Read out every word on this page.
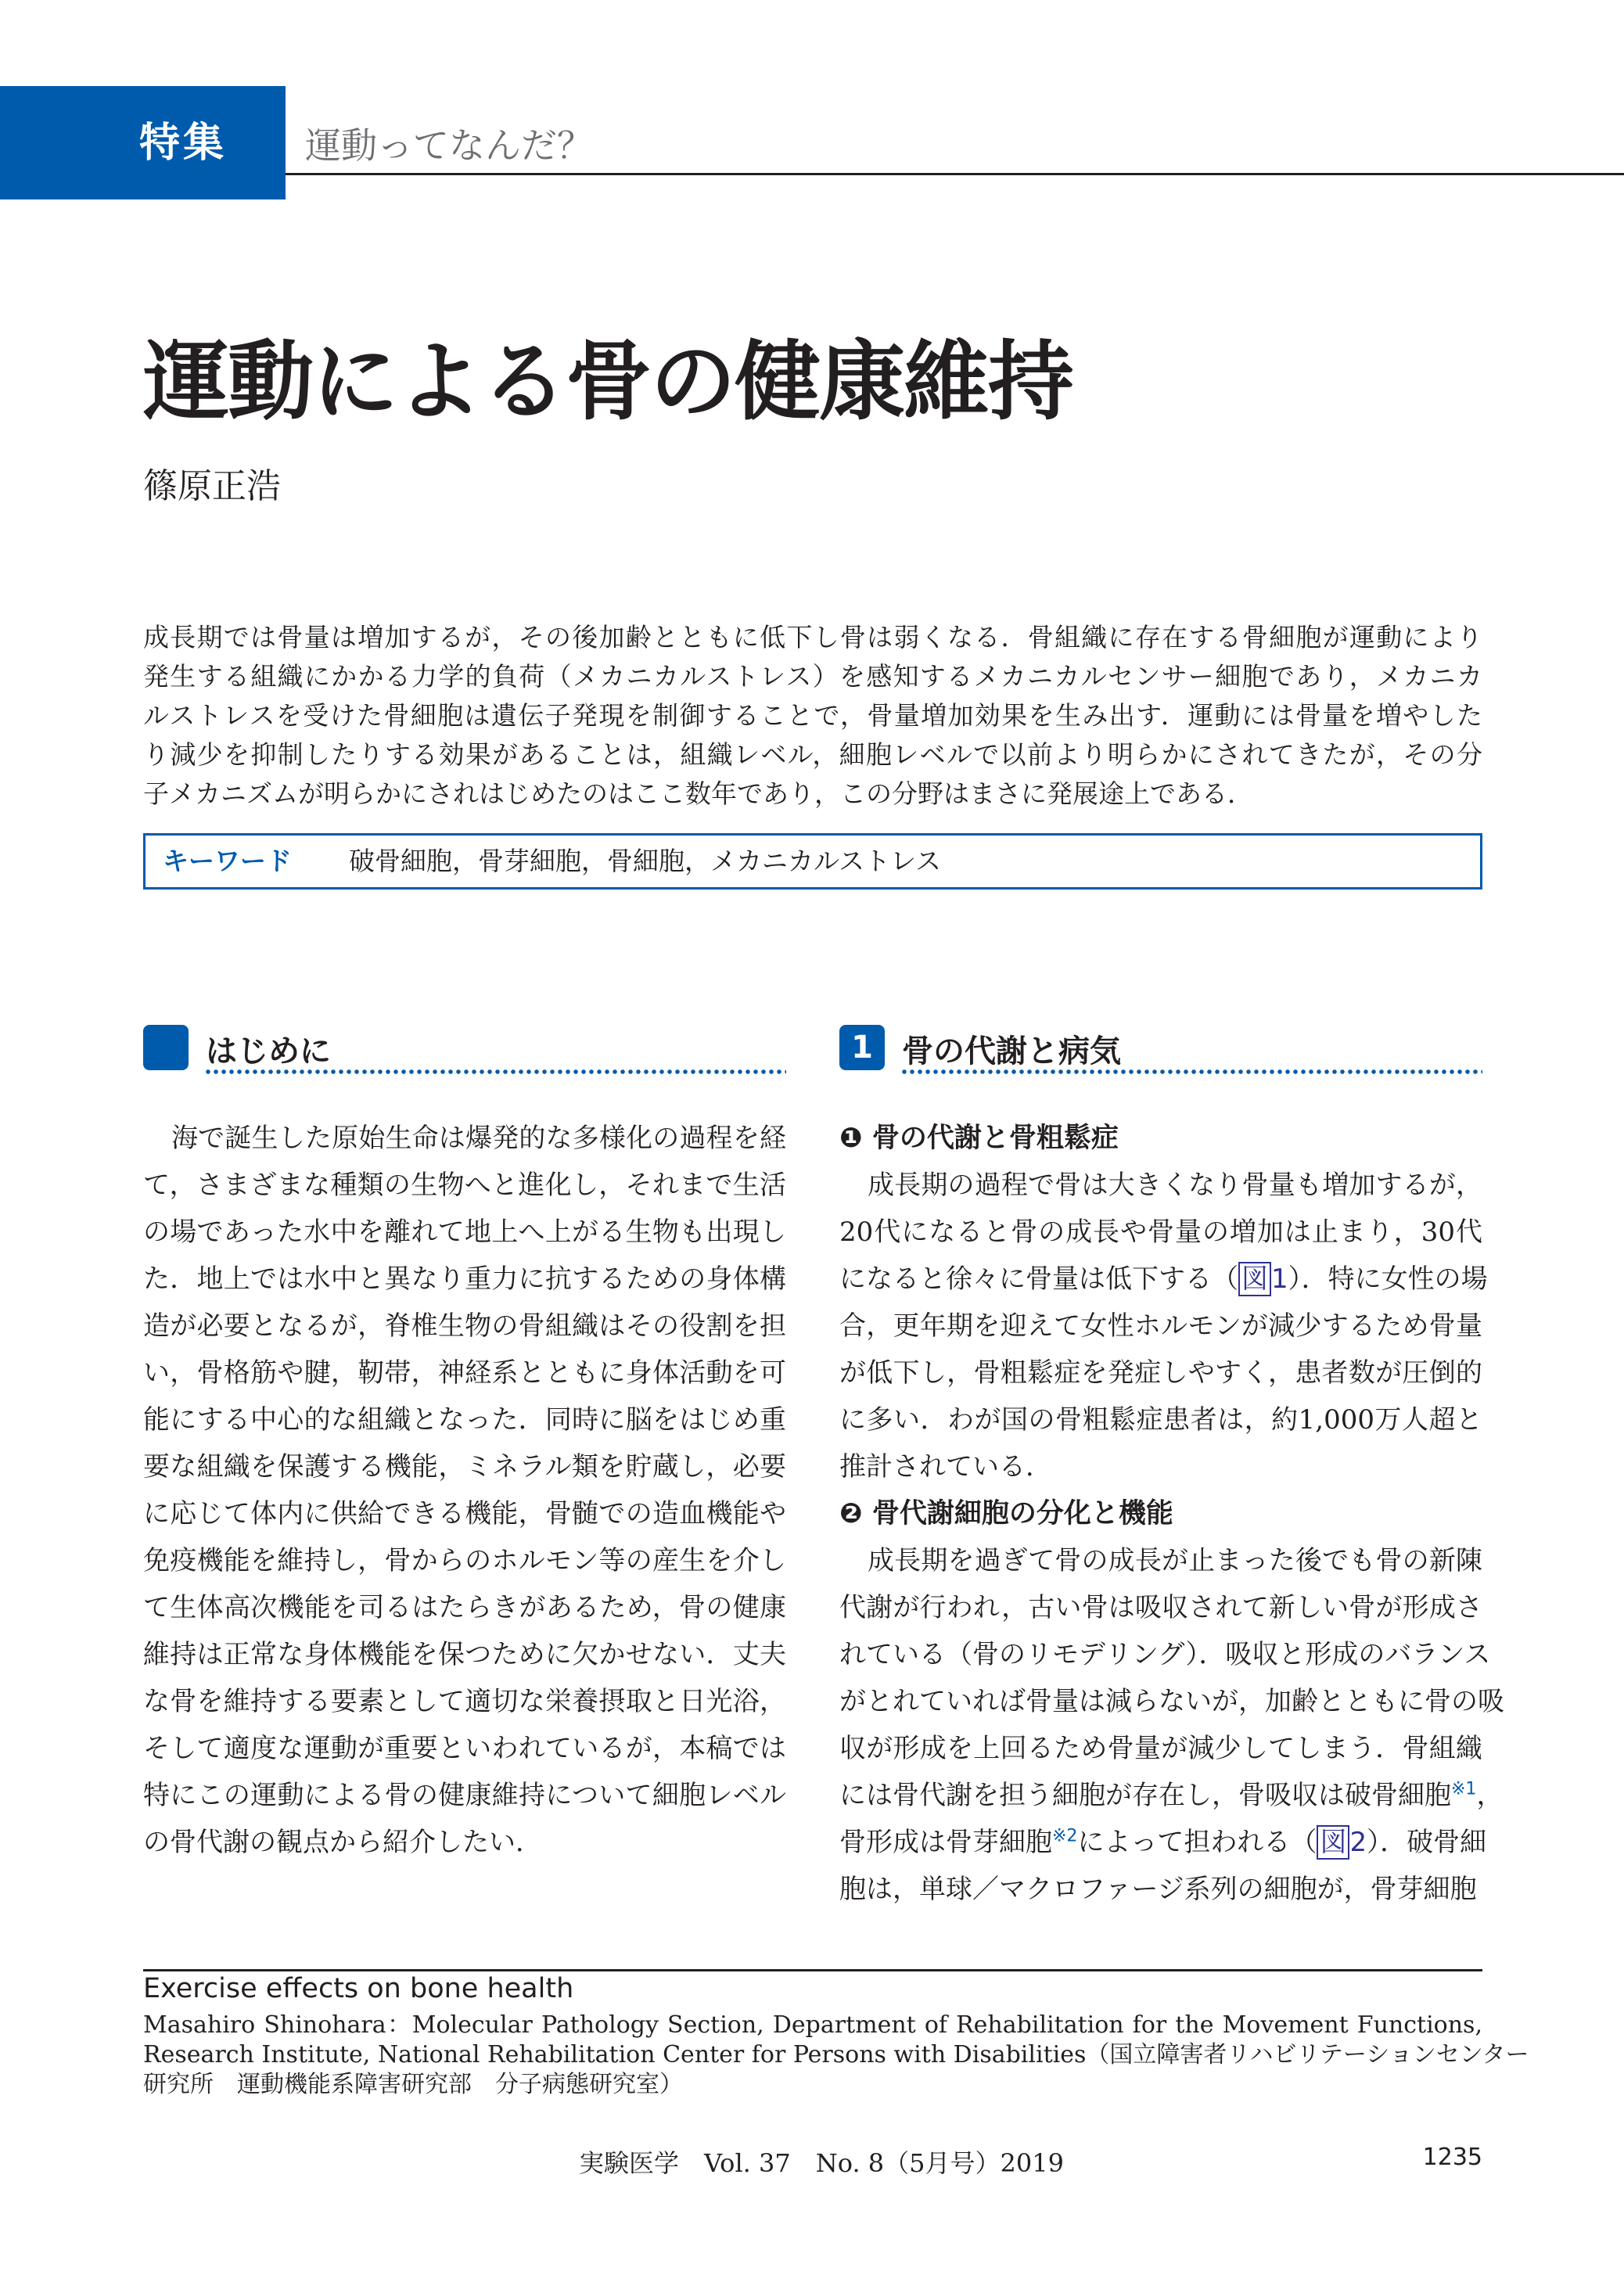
特集 運動ってなんだ？
運動による骨の健康維持
篠原正浩
成長期では骨量は増加するが，その後加齢とともに低下し骨は弱くなる．骨組織に存在する骨細胞が運動により
発生する組織にかかる力学的負荷（メカニカルストレス）を感知するメカニカルセンサー細胞であり，メカニカ
ルストレスを受けた骨細胞は遺伝子発現を制御することで，骨量増加効果を生み出す．運動には骨量を増やした
り減少を抑制したりする効果があることは，組織レベル，細胞レベルで以前より明らかにされてきたが，その分
子メカニズムが明らかにされはじめたのはここ数年であり，この分野はまさに発展途上である．
キーワード 破骨細胞，骨芽細胞，骨細胞，メカニカルストレス
はじめに	1 骨の代謝と病気
海で誕生した原始生命は爆発的な多様化の過程を経
て，さまざまな種類の生物へと進化し，それまで生活
の場であった水中を離れて地上へ上がる生物も出現し
た．地上では水中と異なり重力に抗するための身体構
造が必要となるが，脊椎生物の骨組織はその役割を担
い，骨格筋や腱，靭帯，神経系とともに身体活動を可
能にする中心的な組織となった．同時に脳をはじめ重
要な組織を保護する機能，ミネラル類を貯蔵し，必要
に応じて体内に供給できる機能，骨髄での造血機能や
免疫機能を維持し，骨からのホルモン等の産生を介し
て生体高次機能を司るはたらきがあるため，骨の健康
維持は正常な身体機能を保つために欠かせない．丈夫
な骨を維持する要素として適切な栄養摂取と日光浴，
そして適度な運動が重要といわれているが，本稿では
特にこの運動による骨の健康維持について細胞レベル
の骨代謝の観点から紹介したい．
❶ 骨の代謝と骨粗鬆症
成長期の過程で骨は大きくなり骨量も増加するが，
20代になると骨の成長や骨量の増加は止まり，30代
になると徐々に骨量は低下する（ 図 1）．特に女性の場
合，更年期を迎えて女性ホルモンが減少するため骨量
が低下し，骨粗鬆症を発症しやすく，患者数が圧倒的
に多い．わが国の骨粗鬆症患者は，約1,000万人超と
推計されている．
❷ 骨代謝細胞の分化と機能
成長期を過ぎて骨の成長が止まった後でも骨の新陳
代謝が行われ，古い骨は吸収されて新しい骨が形成さ
れている（骨のリモデリング）．吸収と形成のバランス
がとれていれば骨量は減らないが，加齢とともに骨の吸
収が形成を上回るため骨量が減少してしまう．骨組織
には骨代謝を担う細胞が存在し，骨吸収は破骨細胞$^{※1}$，
骨形成は骨芽細胞$^{※2}$によって担われる（ 図 2）．破骨細
胞は，単球／マクロファージ系列の細胞が，骨芽細胞
Exercise effects on bone health
Masahiro Shinohara：Molecular Pathology Section, Department of Rehabilitation for the Movement Functions,
Research Institute, National Rehabilitation Center for Persons with Disabilities（国立障害者リハビリテーションセンター
研究所　運動機能系障害研究部　分子病態研究室）
実験医学　Vol. 37　No. 8（5月号）2019	1235
